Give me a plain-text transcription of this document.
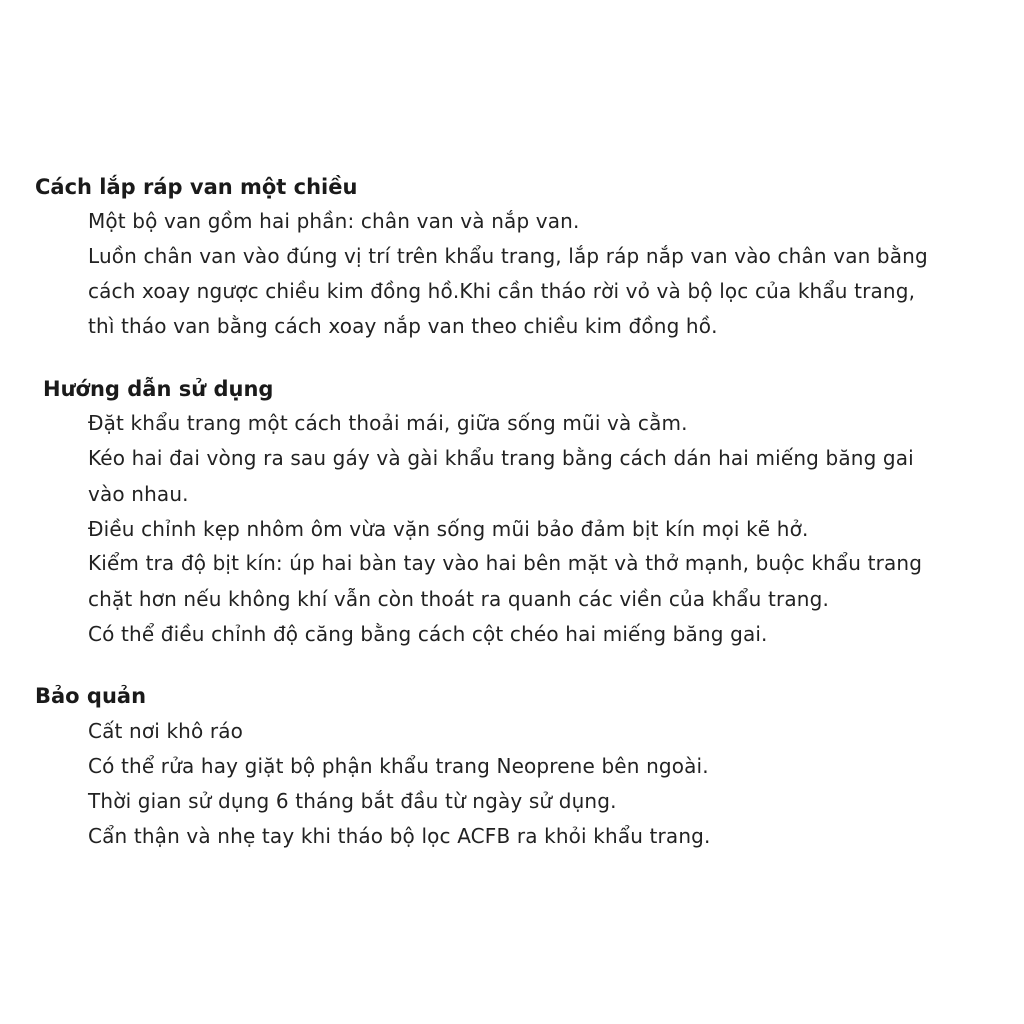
Cách lắp ráp van một chiều
Một bộ van gồm hai phần: chân van và nắp van.
Luồn chân van vào đúng vị trí trên khẩu trang, lắp ráp nắp van vào chân van bằng
cách xoay ngược chiều kim đồng hồ.Khi cần tháo rời vỏ và bộ lọc của khẩu trang,
thì tháo van bằng cách xoay nắp van theo chiều kim đồng hồ.
Hướng dẫn sử dụng
Đặt khẩu trang một cách thoải mái, giữa sống mũi và cằm.
Kéo hai đai vòng ra sau gáy và gài khẩu trang bằng cách dán hai miếng băng gai
vào nhau.
Điều chỉnh kẹp nhôm ôm vừa vặn sống mũi bảo đảm bịt kín mọi kẽ hở.
Kiểm tra độ bịt kín: úp hai bàn tay vào hai bên mặt và thở mạnh, buộc khẩu trang
chặt hơn nếu không khí vẫn còn thoát ra quanh các viền của khẩu trang.
Có thể điều chỉnh độ căng bằng cách cột chéo hai miếng băng gai.
Bảo quản
Cất nơi khô ráo
Có thể rửa hay giặt bộ phận khẩu trang Neoprene bên ngoài.
Thời gian sử dụng 6 tháng bắt đầu từ ngày sử dụng.
Cẩn thận và nhẹ tay khi tháo bộ lọc ACFB ra khỏi khẩu trang.
